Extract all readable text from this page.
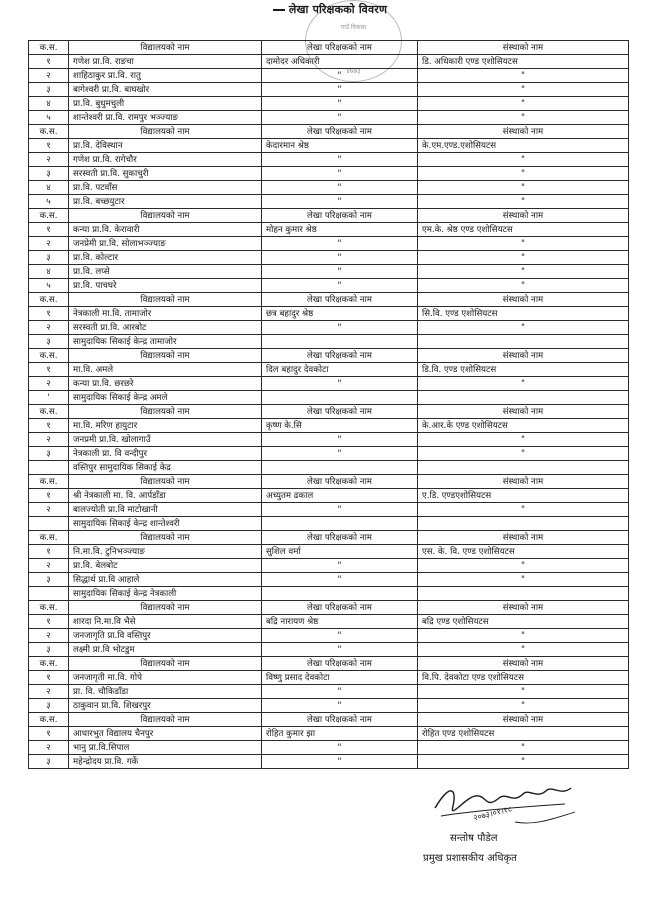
लेखा परिक्षकको विवरण
गाउँ विकास
४७७३
क.स.	विद्यालयको नाम	लेखा परिक्षकको नाम	संस्थाको नाम
१	गणेश प्रा.वि. राङचा	दामोदर अधिकारी	डि. अधिकारी एण्ड एशोसियटस
२	शाहिठाकुर प्रा.वि. रातु	"	"
३	बागेश्वरी प्रा.वि. बाघखोर	"	"
४	प्रा.वि. बुधुमचुली	"	"
५	शान्तेश्वरी प्रा.वि. रामपुर भञ्ज्याङ	"	"
क.स.	विद्यालयको नाम	लेखा परिक्षकको नाम	संस्थाको नाम
१	प्रा.वि. देविस्थान	केदारमान श्रेष्ठ	के.एम.एण्ड.एशोसियटस
२	गणेश प्रा.वि. रागेचौर	"	"
३	सरस्वती प्रा.वि. सुकाचुरी	"	"
४	प्रा.वि. पटवाँस	"	"
५	प्रा.वि. बच्छयुटार	"	"
क.स.	विद्यालयको नाम	लेखा परिक्षकको नाम	संस्थाको नाम
१	कन्या प्रा.वि. केरावारी	मोहन कुमार श्रेष्ठ	एम.के. श्रेष्ठ एण्ड एशोसियटस
२	जनप्रेमी प्रा.वि. सोलाभञ्ज्याङ	"	"
३	प्रा.वि. कोल्टार	"	"
४	प्रा.वि. लप्से	"	"
५	प्रा.वि. पाचघरे	"	"
क.स.	विद्यालयको नाम	लेखा परिक्षकको नाम	संस्थाको नाम
१	नेत्रकाली मा.वि. तामाजोर	छत्र बहादुर श्रेष्ठ	सि.वि. एण्ड एशोसियटस
२	सरस्वती प्रा.वि. आरबोट	"	"
३	सामुदायिक सिकाई केन्द्र तामाजोर		
क.स.	विद्यालयको नाम	लेखा परिक्षकको नाम	संस्थाको नाम
१	मा.वि. अमले	दिल बहादुर देवकोटा	डि.वि. एण्ड एशोसियटस
२	कन्या प्रा.वि. छरछरे	"	"
'	सामुदायिक सिकाई केन्द्र अमले		
क.स.	विद्यालयको नाम	लेखा परिक्षकको नाम	संस्थाको नाम
१	मा.वि. मरिण हायुटार	कृष्ण के.सि	के.आर.के एण्ड एशोसियटस
२	जनप्रमी प्रा.वि. खोलागाउँ	"	"
३	नेत्रकाली प्रा. वि वन्दीपुर	"	"
	वस्तिपुर सामुदायिक सिकाई केद्र		
क.स.	विद्यालयको नाम	लेखा परिक्षकको नाम	संस्थाको नाम
१	श्री नेत्रकाली मा. वि. आर्पडाँडा	अच्युतम ढकाल	ए.डि. एण्डएशोसियटस
२	बालज्योती प्रा.वि माटोखानी	"	"
	सामुदायिक सिकाई केन्द्र शान्तेश्वरी		
क.स.	विद्यालयको नाम	लेखा परिक्षकको नाम	संस्थाको नाम
१	नि.मा.वि. टुनिभञ्ज्याङ	सुशिल वर्मा	एस. के. वि. एण्ड एशोसियटस
२	प्रा.वि. बेलबोट	"	"
३	सिद्धार्थ प्रा.वि आहाले	"	"
	सामुदायिक सिकाई केन्द्र नेत्रकाली		
क.स.	विद्यालयको नाम	लेखा परिक्षकको नाम	संस्थाको नाम
१	शारदा नि.मा.वि भैसे	बद्रि नारायण श्रेष्ठ	बद्रि एण्ड एशोसियटस
२	जनजागृति प्रा.वि वस्तिपुर	"	"
३	लक्ष्मी प्रा.वि भोटडुम	"	"
क.स.	विद्यालयको नाम	लेखा परिक्षकको नाम	संस्थाको नाम
१	जनजागृती मा.वि. गोपे	विष्णु प्रसाद देवकोटा	वि.पि. देवकोटा एण्ड एशोसियटस
२	प्रा. वि. चौकिडाँडा	"	"
३	ठाकुवान प्रा.वि. शिखरपुर	"	"
क.स.	विद्यालयको नाम	लेखा परिक्षकको नाम	संस्थाको नाम
१	आधारभुत विद्यालय चैनपुर	रोहित कुमार झा	रोहित एण्ड एशोसियटस
२	भानु प्रा.वि.सिपाल	"	"
३	महेन्द्रोदय प्रा.वि. गर्के	"	"
२०७३।०१।१८
सन्तोष पौडेल
प्रमुख प्रशासकीय अधिकृत
